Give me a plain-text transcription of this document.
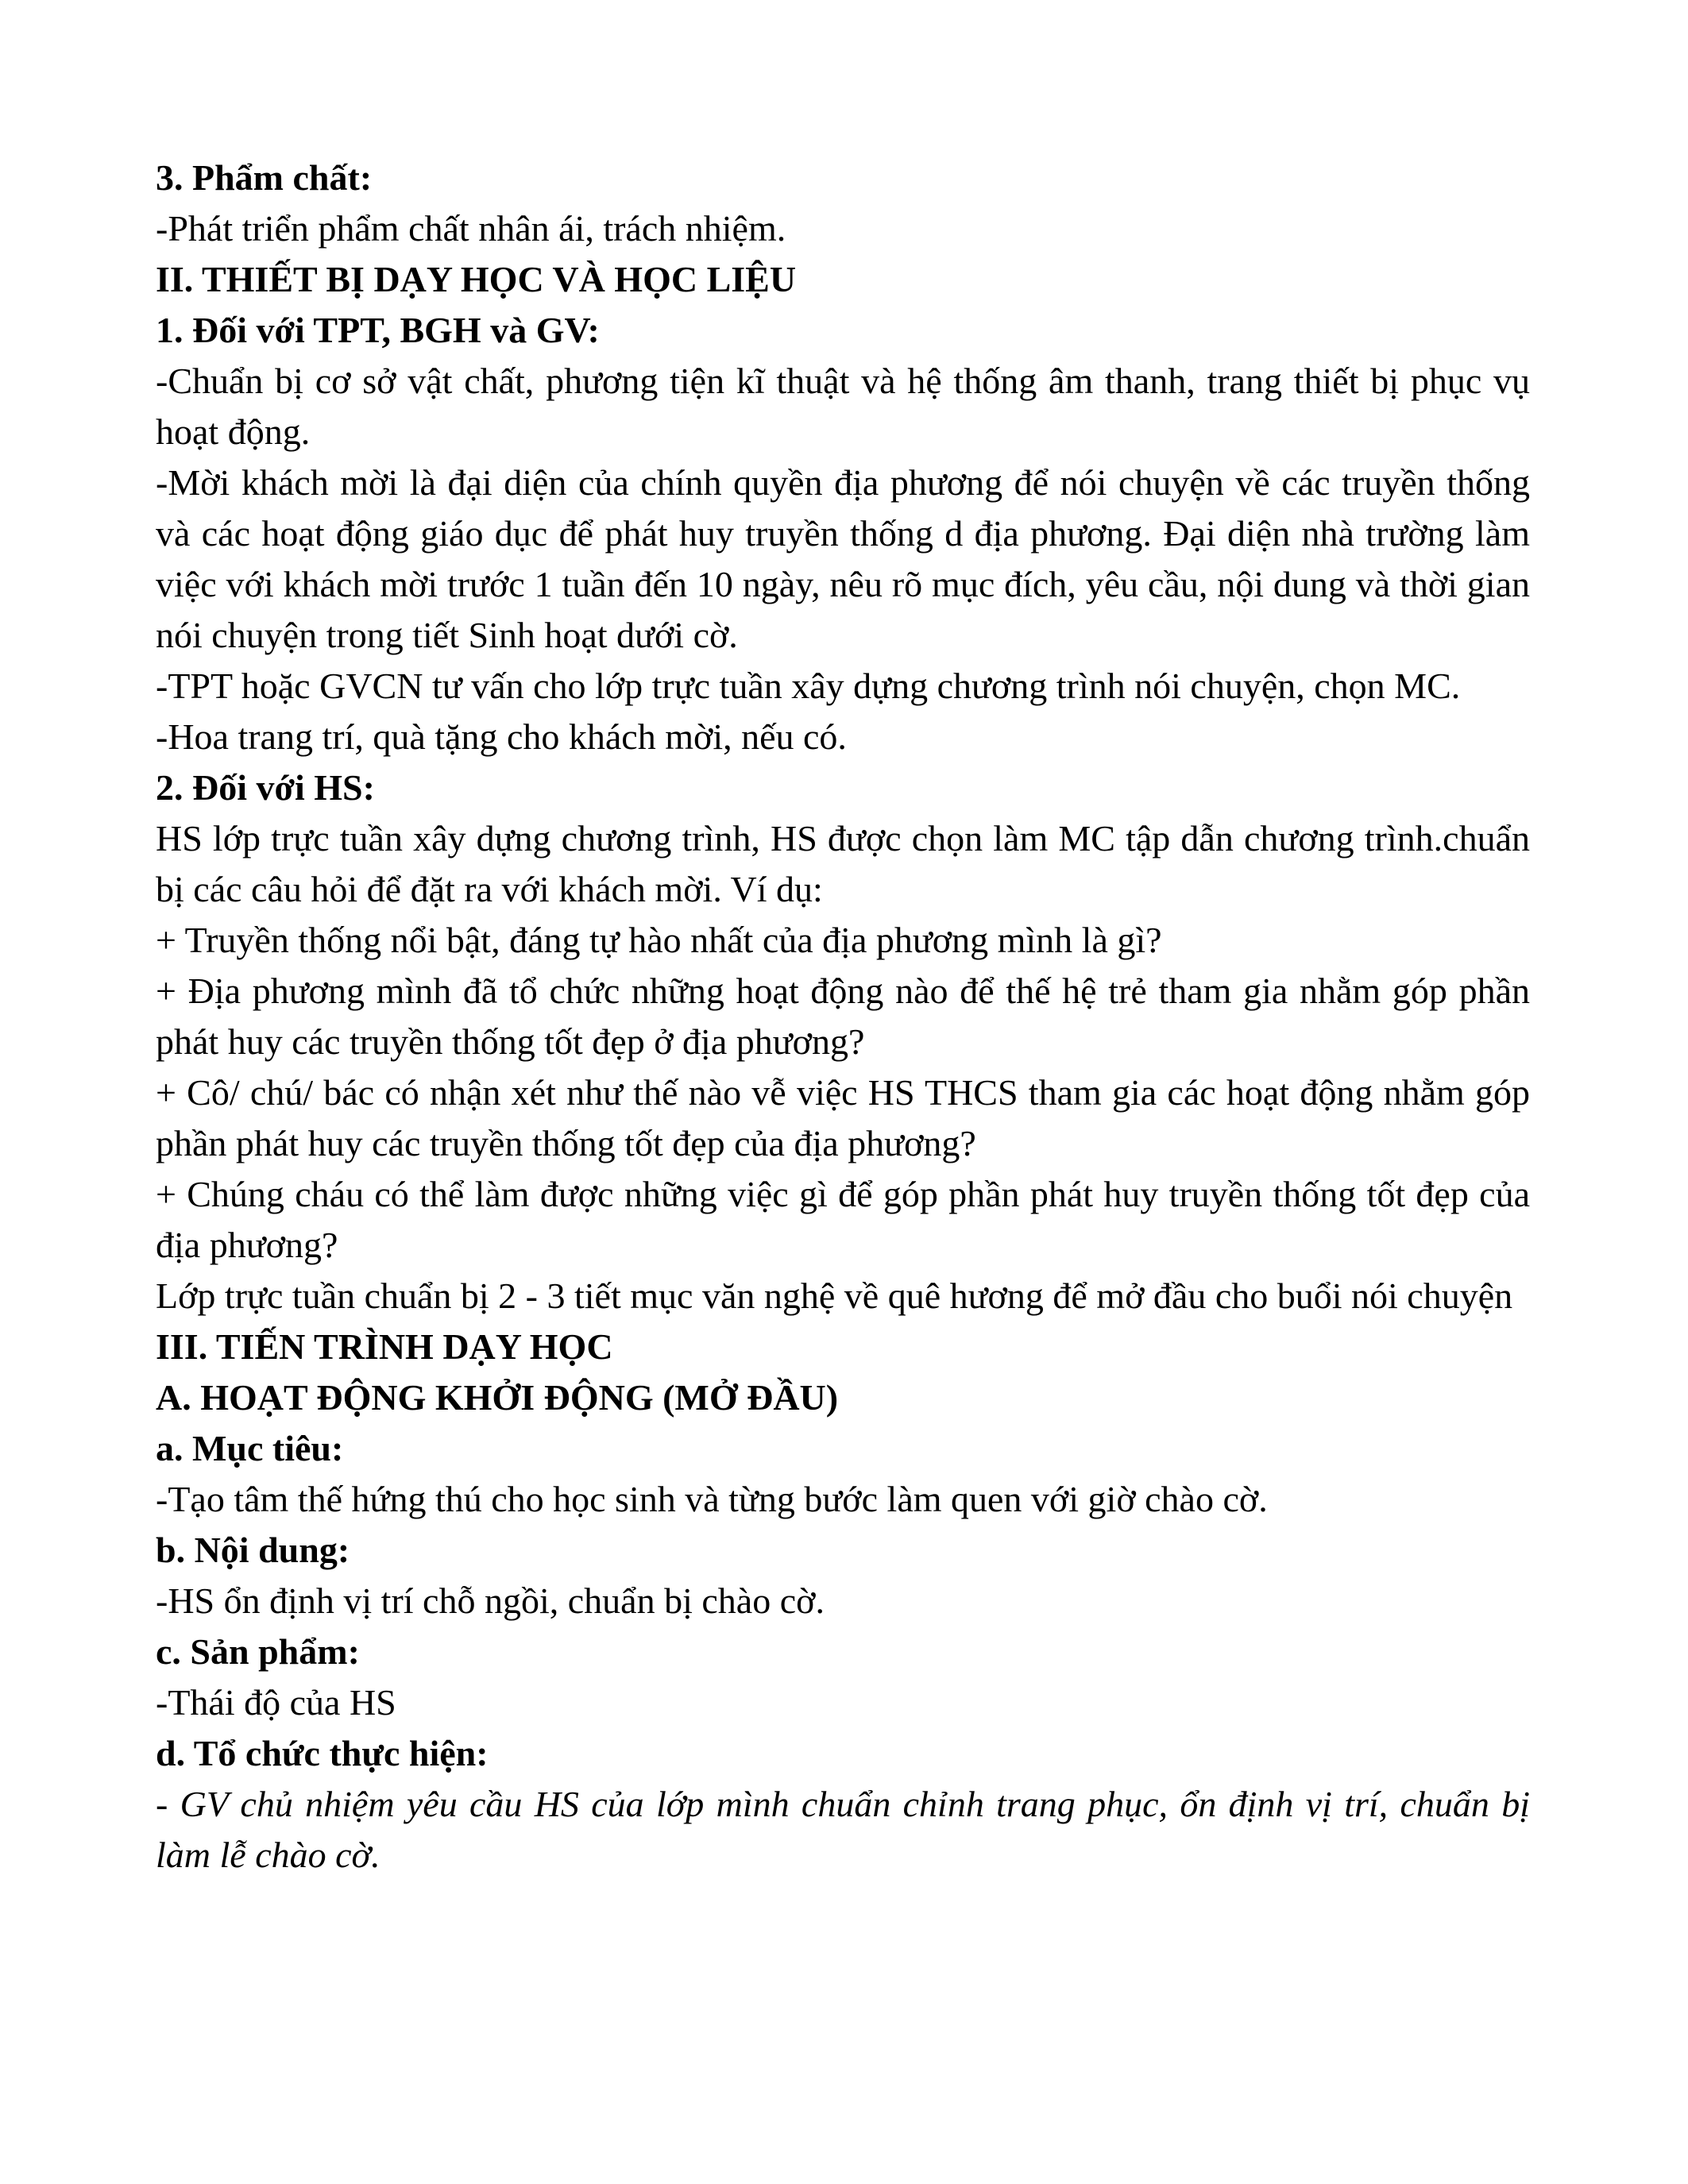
3. Phẩm chất:

-Phát triển phẩm chất nhân ái, trách nhiệm.

II. THIẾT BỊ DẠY HỌC VÀ HỌC LIỆU

1. Đối với TPT, BGH và GV:

-Chuẩn bị cơ sở vật chất, phương tiện kĩ thuật và hệ thống âm thanh, trang thiết bị phục vụ hoạt động.

-Mời khách mời là đại diện của chính quyền địa phương để nói chuyện về các truyền thống và các hoạt động giáo dục để phát huy truyền thống d địa phương. Đại diện nhà trường làm việc với khách mời trước 1 tuần đến 10 ngày, nêu rõ mục đích, yêu cầu, nội dung và thời gian nói chuyện trong tiết Sinh hoạt dưới cờ.

-TPT hoặc GVCN tư vấn cho lớp trực tuần xây dựng chương trình nói chuyện, chọn MC.

-Hoa trang trí, quà tặng cho khách mời, nếu có.

2. Đối với HS:

HS lớp trực tuần xây dựng chương trình, HS được chọn làm MC tập dẫn chương trình.chuẩn bị các câu hỏi để đặt ra với khách mời. Ví dụ:

+ Truyền thống nổi bật, đáng tự hào nhất của địa phương mình là gì?

+ Địa phương mình đã tổ chức những hoạt động nào để thế hệ trẻ tham gia nhằm góp phần phát huy các truyền thống tốt đẹp ở địa phương?

+ Cô/ chú/ bác có nhận xét như thế nào vễ việc HS THCS tham gia các hoạt động nhằm góp phần phát huy các truyền thống tốt đẹp của địa phương?

+ Chúng cháu có thể làm được những việc gì để góp phần phát huy truyền thống tốt đẹp của địa phương?

Lớp trực tuần chuẩn bị 2 - 3 tiết mục văn nghệ về quê hương để mở đầu cho buổi nói chuyện

III. TIẾN TRÌNH DẠY HỌC

A. HOẠT ĐỘNG KHỞI ĐỘNG (MỞ ĐẦU)

a. Mục tiêu:

-Tạo tâm thế hứng thú cho học sinh và từng bước làm quen với giờ chào cờ.

b. Nội dung:

-HS ổn định vị trí chỗ ngồi, chuẩn bị chào cờ.

c. Sản phẩm:

-Thái độ của HS

d. Tổ chức thực hiện:

- GV chủ nhiệm yêu cầu HS của lớp mình chuẩn chỉnh trang phục, ổn định vị trí, chuẩn bị làm lễ chào cờ.
